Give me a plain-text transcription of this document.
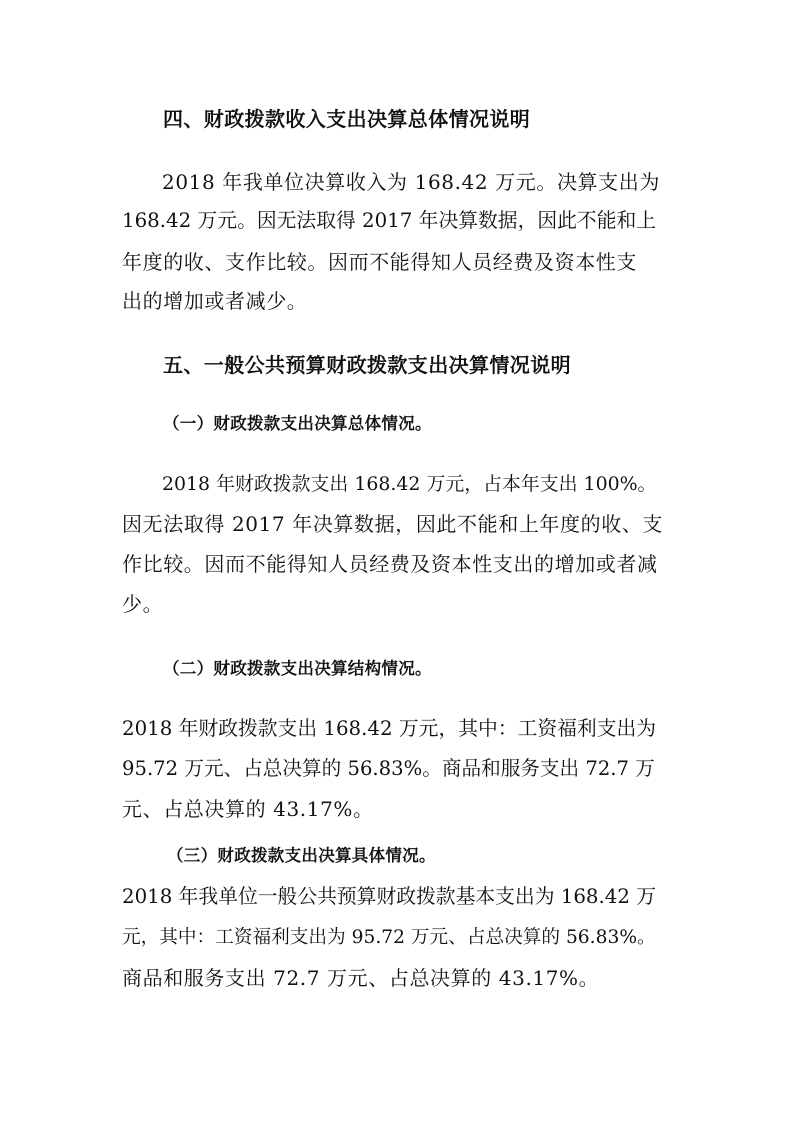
四、财政拨款收入支出决算总体情况说明
2018 年我单位决算收入为 168.42 万元。决算支出为
168.42 万元。因无法取得 2017 年决算数据，因此不能和上
年度的收、支作比较。因而不能得知人员经费及资本性支
出的增加或者减少。
五、一般公共预算财政拨款支出决算情况说明
（一）财政拨款支出决算总体情况。
2018 年财政拨款支出 168.42 万元，占本年支出 100%。
因无法取得 2017 年决算数据，因此不能和上年度的收、支
作比较。因而不能得知人员经费及资本性支出的增加或者减
少。
（二）财政拨款支出决算结构情况。
2018 年财政拨款支出 168.42 万元，其中：工资福利支出为
95.72 万元、占总决算的 56.83%。商品和服务支出 72.7 万
元、占总决算的 43.17%。
（三）财政拨款支出决算具体情况。
2018 年我单位一般公共预算财政拨款基本支出为 168.42 万
元，其中：工资福利支出为 95.72 万元、占总决算的 56.83%。
商品和服务支出 72.7 万元、占总决算的 43.17%。
